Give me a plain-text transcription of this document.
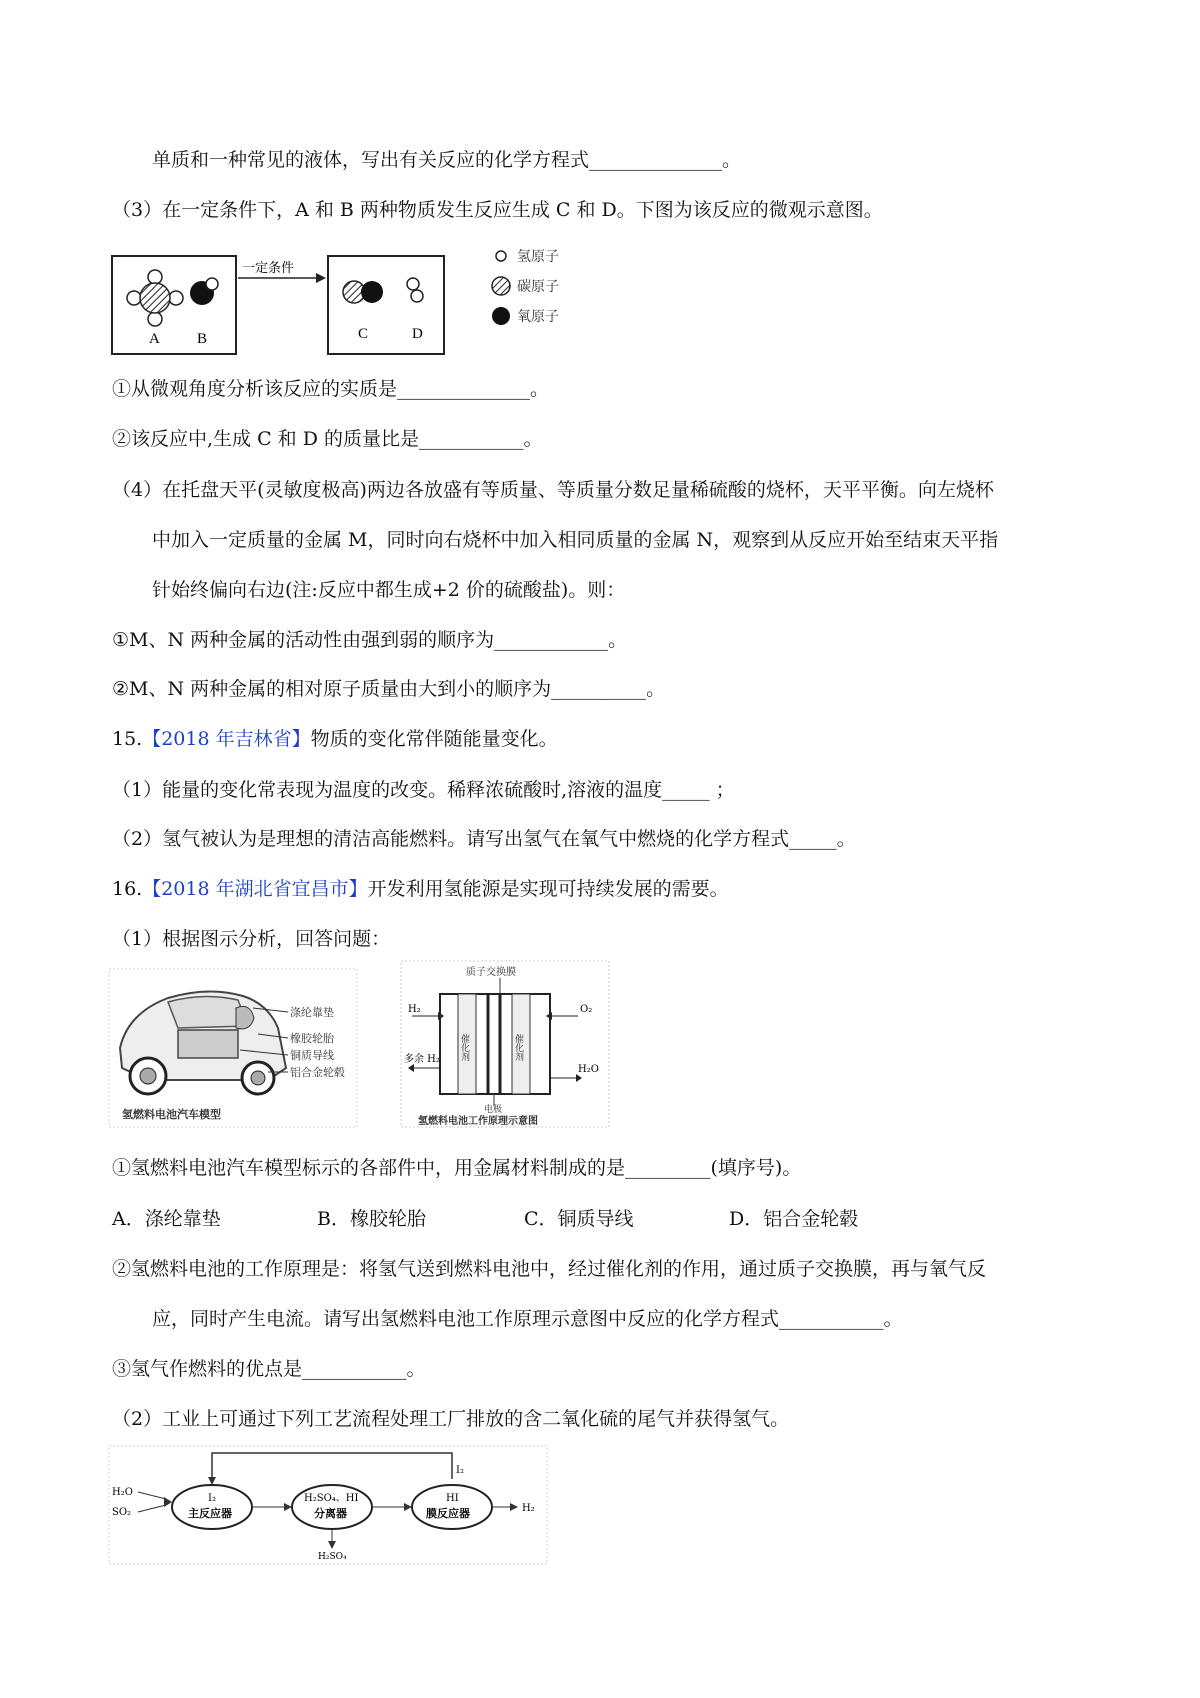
单质和一种常见的液体，写出有关反应的化学方程式______________。
（3）在一定条件下，A 和 B 两种物质发生反应生成 C 和 D。下图为该反应的微观示意图。
A B
一定条件
C	D
氢原子
碳原子
氧原子
①从微观角度分析该反应的实质是______________。
②该反应中,生成 C 和 D 的质量比是___________。
（4）在托盘天平(灵敏度极高)两边各放盛有等质量、等质量分数足量稀硫酸的烧杯，天平平衡。向左烧杯
中加入一定质量的金属 M，同时向右烧杯中加入相同质量的金属 N，观察到从反应开始至结束天平指
针始终偏向右边(注:反应中都生成+2 价的硫酸盐)。则：
①M、N 两种金属的活动性由强到弱的顺序为____________。
②M、N 两种金属的相对原子质量由大到小的顺序为__________。
15.【2018 年吉林省】物质的变化常伴随能量变化。
（1）能量的变化常表现为温度的改变。稀释浓硫酸时,溶液的温度_____ ；
（2）氢气被认为是理想的清洁高能燃料。请写出氢气在氧气中燃烧的化学方程式_____。
16.【2018 年湖北省宜昌市】开发利用氢能源是实现可持续发展的需要。
（1）根据图示分析，回答问题：
涤纶靠垫
橡胶轮胎
铜质导线
铝合金轮毂
氢燃料电池汽车模型
质子交换膜
催化剂	催化剂
H₂	O₂
多余 H₂
H₂O
电极
氢燃料电池工作原理示意图
①氢燃料电池汽车模型标示的各部件中，用金属材料制成的是_________(填序号)。
A．涤纶靠垫	B．橡胶轮胎	C．铜质导线	D．铝合金轮毂
②氢燃料电池的工作原理是：将氢气送到燃料电池中，经过催化剂的作用，通过质子交换膜，再与氧气反
应，同时产生电流。请写出氢燃料电池工作原理示意图中反应的化学方程式___________。
③氢气作燃料的优点是___________。
（2）工业上可通过下列工艺流程处理工厂排放的含二氧化硫的尾气并获得氢气。
I₂
H₂O
SO₂
I₂
主反应器
H₂SO₄、HI
分离器
H₂SO₄
HI
膜反应器	H₂
